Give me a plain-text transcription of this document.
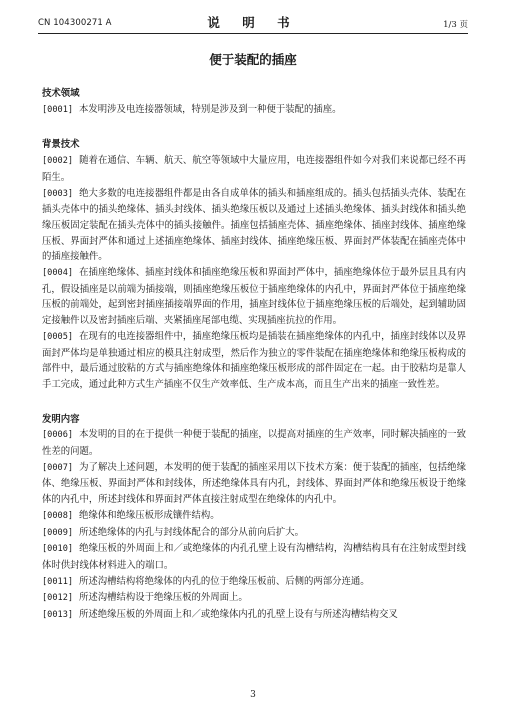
CN 104300271 A	说 明 书	1/3 页
便于装配的插座

技术领域

[0001] 本发明涉及电连接器领域，特别是涉及到一种便于装配的插座。

背景技术

[0002] 随着在通信、车辆、航天、航空等领域中大量应用，电连接器组件如今对我们来说都已经不再陌生。

[0003] 绝大多数的电连接器组件都是由各自成单体的插头和插座组成的。插头包括插头壳体、装配在插头壳体中的插头绝缘体、插头封线体、插头绝缘压板以及通过上述插头绝缘体、插头封线体和插头绝缘压板固定装配在插头壳体中的插头接触件。插座包括插座壳体、插座绝缘体、插座封线体、插座绝缘压板、界面封严体和通过上述插座绝缘体、插座封线体、插座绝缘压板、界面封严体装配在插座壳体中的插座接触件。

[0004] 在插座绝缘体、插座封线体和插座绝缘压板和界面封严体中，插座绝缘体位于最外层且具有内孔，假设插座是以前端为插接端，则插座绝缘压板位于插座绝缘体的内孔中，界面封严体位于插座绝缘压板的前端处，起到密封插座插接端界面的作用，插座封线体位于插座绝缘压板的后端处，起到辅助固定接触件以及密封插座后端、夹紧插座尾部电缆、实现插座抗拉的作用。

[0005] 在现有的电连接器组件中，插座绝缘压板均是插装在插座绝缘体的内孔中，插座封线体以及界面封严体均是单独通过相应的模具注射成型，然后作为独立的零件装配在插座绝缘体和绝缘压板构成的部件中，最后通过胶粘的方式与插座绝缘体和插座绝缘压板形成的部件固定在一起。由于胶粘均是靠人手工完成，通过此种方式生产插座不仅生产效率低、生产成本高，而且生产出来的插座一致性差。

发明内容

[0006] 本发明的目的在于提供一种便于装配的插座，以提高对插座的生产效率，同时解决插座的一致性差的问题。

[0007] 为了解决上述问题，本发明的便于装配的插座采用以下技术方案：便于装配的插座，包括绝缘体、绝缘压板、界面封严体和封线体，所述绝缘体具有内孔，封线体、界面封严体和绝缘压板设于绝缘体的内孔中，所述封线体和界面封严体直接注射成型在绝缘体的内孔中。

[0008] 绝缘体和绝缘压板形成镶件结构。

[0009] 所述绝缘体的内孔与封线体配合的部分从前向后扩大。

[0010] 绝缘压板的外周面上和／或绝缘体的内孔孔壁上设有沟槽结构，沟槽结构具有在注射成型封线体时供封线体材料进入的端口。

[0011] 所述沟槽结构将绝缘体的内孔的位于绝缘压板前、后侧的两部分连通。

[0012] 所述沟槽结构设于绝缘压板的外周面上。

[0013] 所述绝缘压板的外周面上和／或绝缘体内孔的孔壁上设有与所述沟槽结构交叉

3
